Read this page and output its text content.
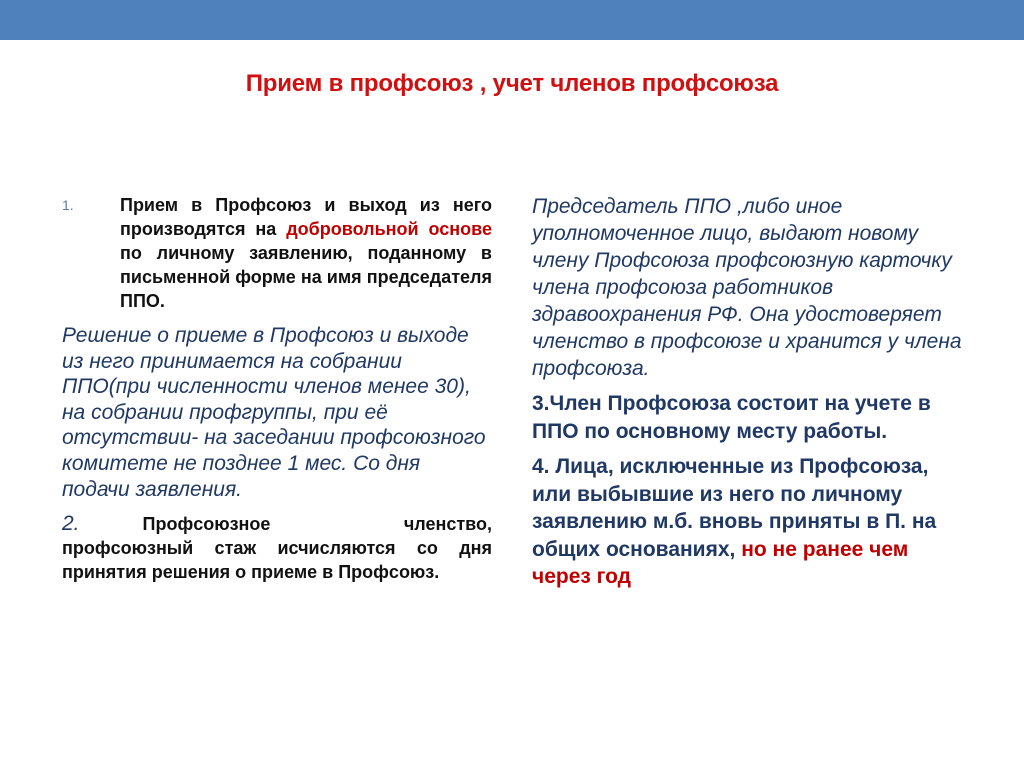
Прием в профсоюз , учет членов профсоюза
1.	Прием в Профсоюз и выход из него производятся на добровольной основе по личному заявлению, поданному в письменной форме на имя председателя ППО.
Решение о приеме в Профсоюз и выходе из него принимается на собрании ППО(при численности членов менее 30), на собрании профгруппы, при её отсутствии- на заседании профсоюзного комитете не позднее 1 мес. Со дня подачи заявления.
2.    	Профсоюзное членство, профсоюзный стаж исчисляются со дня принятия решения о приеме в Профсоюз.
Председатель ППО ,либо иное уполномоченное лицо, выдают новому члену Профсоюза профсоюзную карточку члена профсоюза работников здравоохранения РФ. Она удостоверяет членство в профсоюзе и хранится у члена профсоюза.
3.Член Профсоюза состоит на учете в ППО по основному месту работы.
4. Лица, исключенные из Профсоюза, или выбывшие из него по личному заявлению м.б. вновь приняты в П. на общих основаниях, но не ранее чем через год
